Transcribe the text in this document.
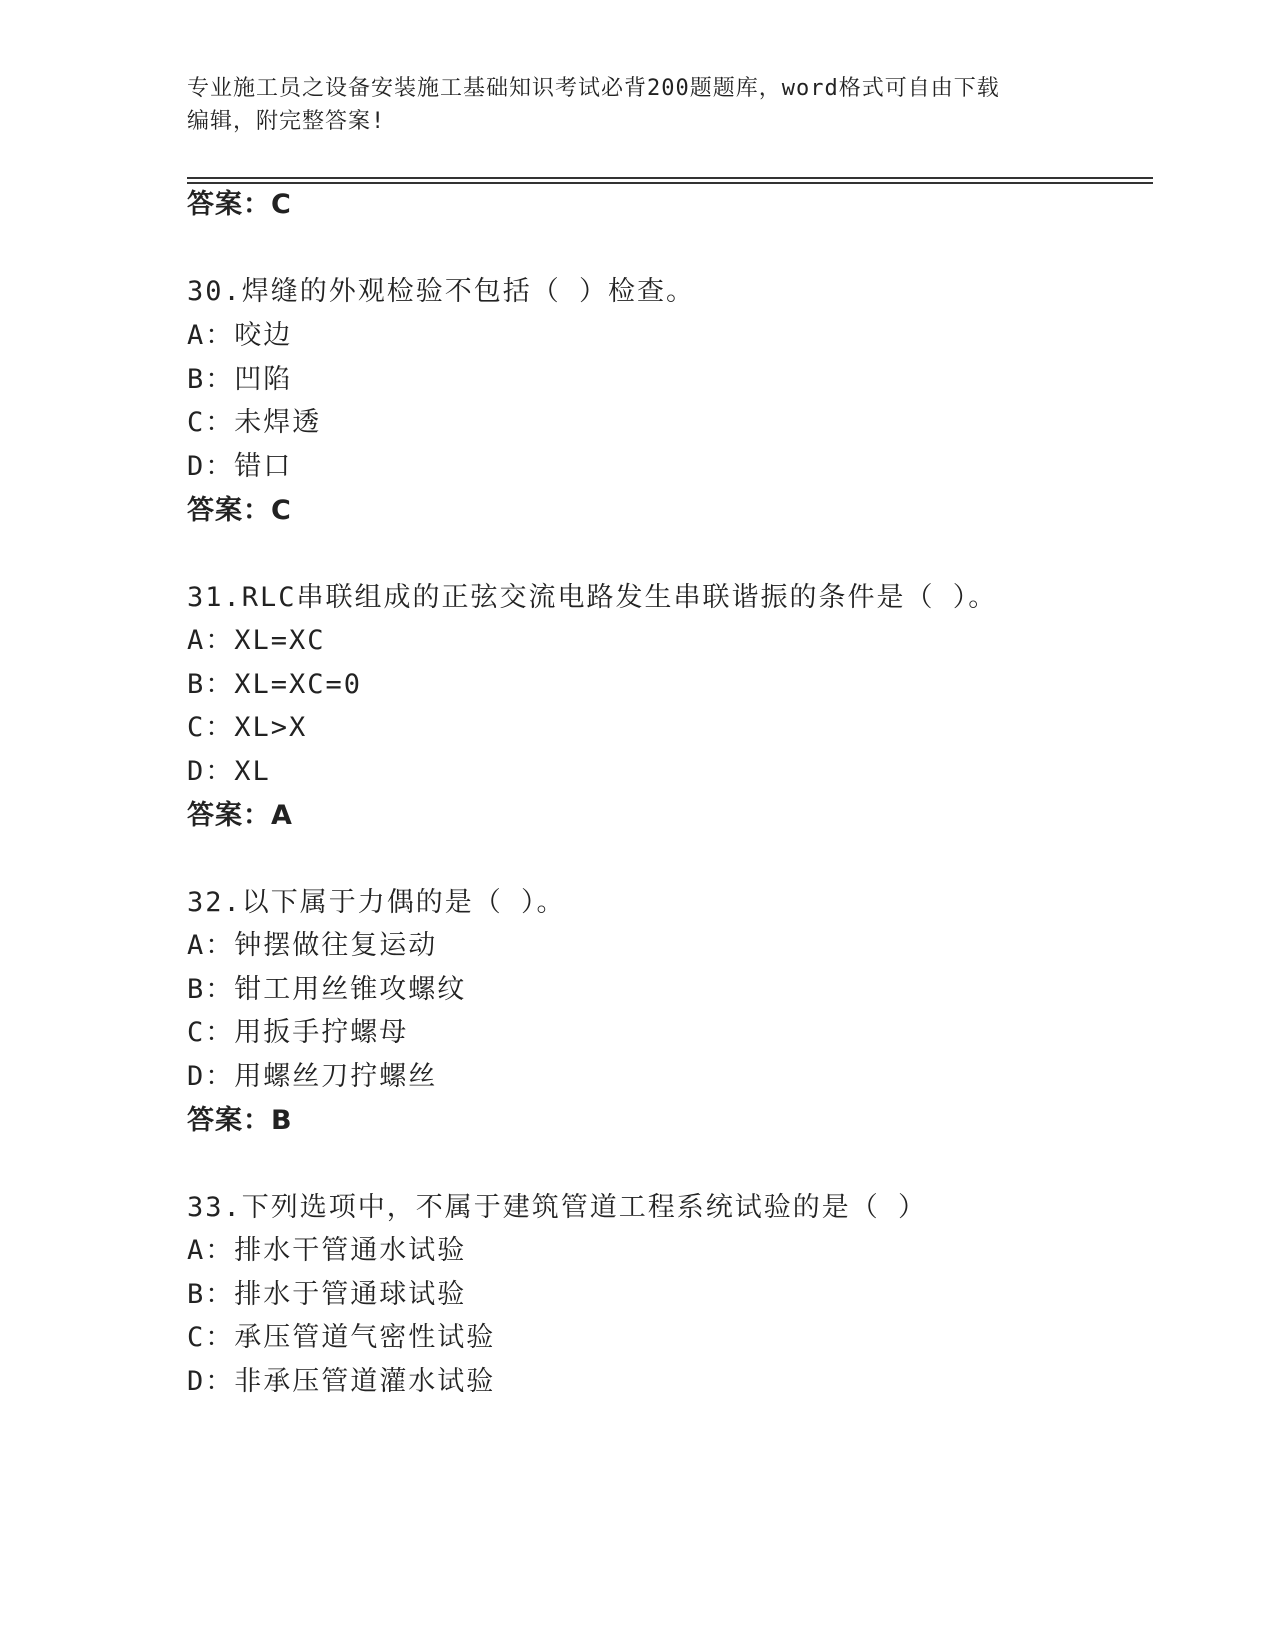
专业施工员之设备安装施工基础知识考试必背200题题库，word格式可自由下载
编辑，附完整答案!
答案：C
30.焊缝的外观检验不包括（ ）检查。
A：咬边
B：凹陷
C：未焊透
D：错口
答案：C
31.RLC串联组成的正弦交流电路发生串联谐振的条件是（ ）。
A：XL=XC
B：XL=XC=0
C：XL>X
D：XL
答案：A
32.以下属于力偶的是（ ）。
A：钟摆做往复运动
B：钳工用丝锥攻螺纹
C：用扳手拧螺母
D：用螺丝刀拧螺丝
答案：B
33.下列选项中，不属于建筑管道工程系统试验的是（ ）
A：排水干管通水试验
B：排水于管通球试验
C：承压管道气密性试验
D：非承压管道灌水试验
